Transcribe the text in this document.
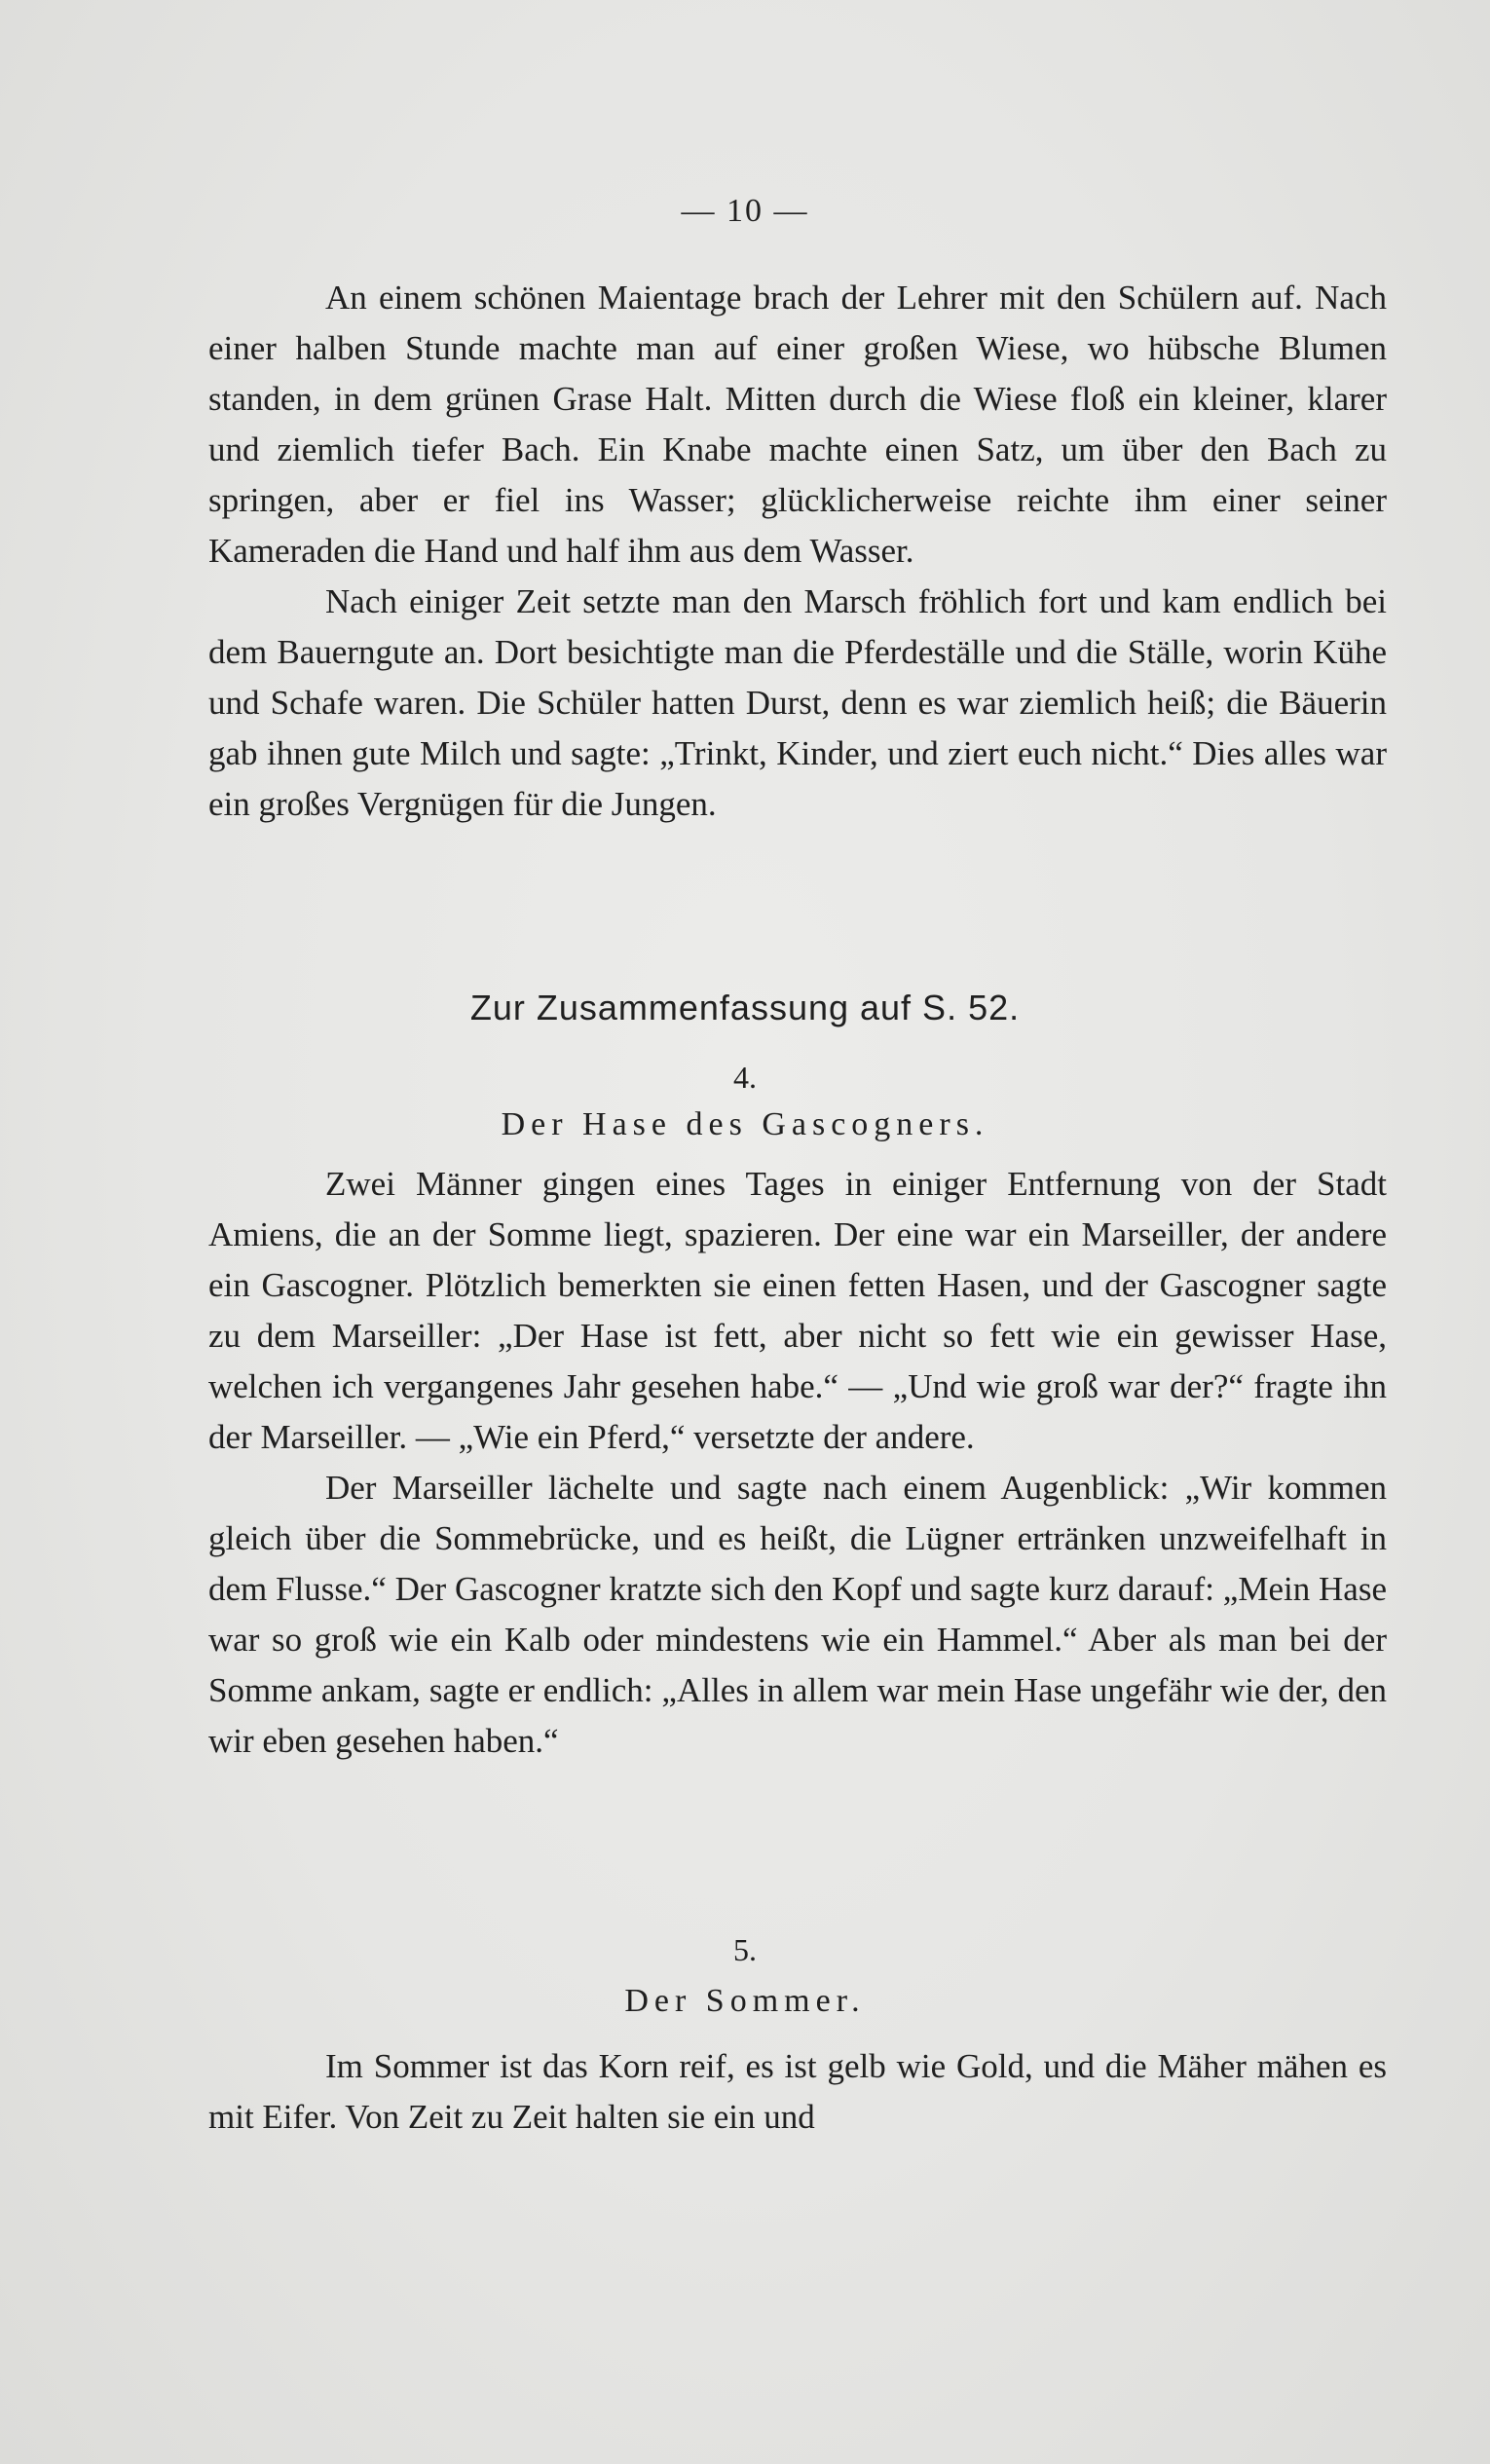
— 10 —

An einem schönen Maientage brach der Lehrer mit den Schülern auf. Nach einer halben Stunde machte man auf einer großen Wiese, wo hübsche Blumen standen, in dem grünen Grase Halt. Mitten durch die Wiese floß ein kleiner, klarer und ziemlich tiefer Bach. Ein Knabe machte einen Satz, um über den Bach zu springen, aber er fiel ins Wasser; glücklicherweise reichte ihm einer seiner Kameraden die Hand und half ihm aus dem Wasser.

Nach einiger Zeit setzte man den Marsch fröhlich fort und kam endlich bei dem Bauerngute an. Dort besichtigte man die Pferdeställe und die Ställe, worin Kühe und Schafe waren. Die Schüler hatten Durst, denn es war ziemlich heiß; die Bäuerin gab ihnen gute Milch und sagte: „Trinkt, Kinder, und ziert euch nicht.“ Dies alles war ein großes Vergnügen für die Jungen.

Zur Zusammenfassung auf S. 52.
4.
Der Hase des Gascogners.

Zwei Männer gingen eines Tages in einiger Entfernung von der Stadt Amiens, die an der Somme liegt, spazieren. Der eine war ein Marseiller, der andere ein Gascogner. Plötzlich bemerkten sie einen fetten Hasen, und der Gascogner sagte zu dem Marseiller: „Der Hase ist fett, aber nicht so fett wie ein gewisser Hase, welchen ich vergangenes Jahr gesehen habe.“ — „Und wie groß war der?“ fragte ihn der Marseiller. — „Wie ein Pferd,“ versetzte der andere.

Der Marseiller lächelte und sagte nach einem Augenblick: „Wir kommen gleich über die Sommebrücke, und es heißt, die Lügner ertränken unzweifelhaft in dem Flusse.“ Der Gascogner kratzte sich den Kopf und sagte kurz darauf: „Mein Hase war so groß wie ein Kalb oder mindestens wie ein Hammel.“ Aber als man bei der Somme ankam, sagte er endlich: „Alles in allem war mein Hase ungefähr wie der, den wir eben gesehen haben.“

5.
Der Sommer.

Im Sommer ist das Korn reif, es ist gelb wie Gold, und die Mäher mähen es mit Eifer. Von Zeit zu Zeit halten sie ein und
